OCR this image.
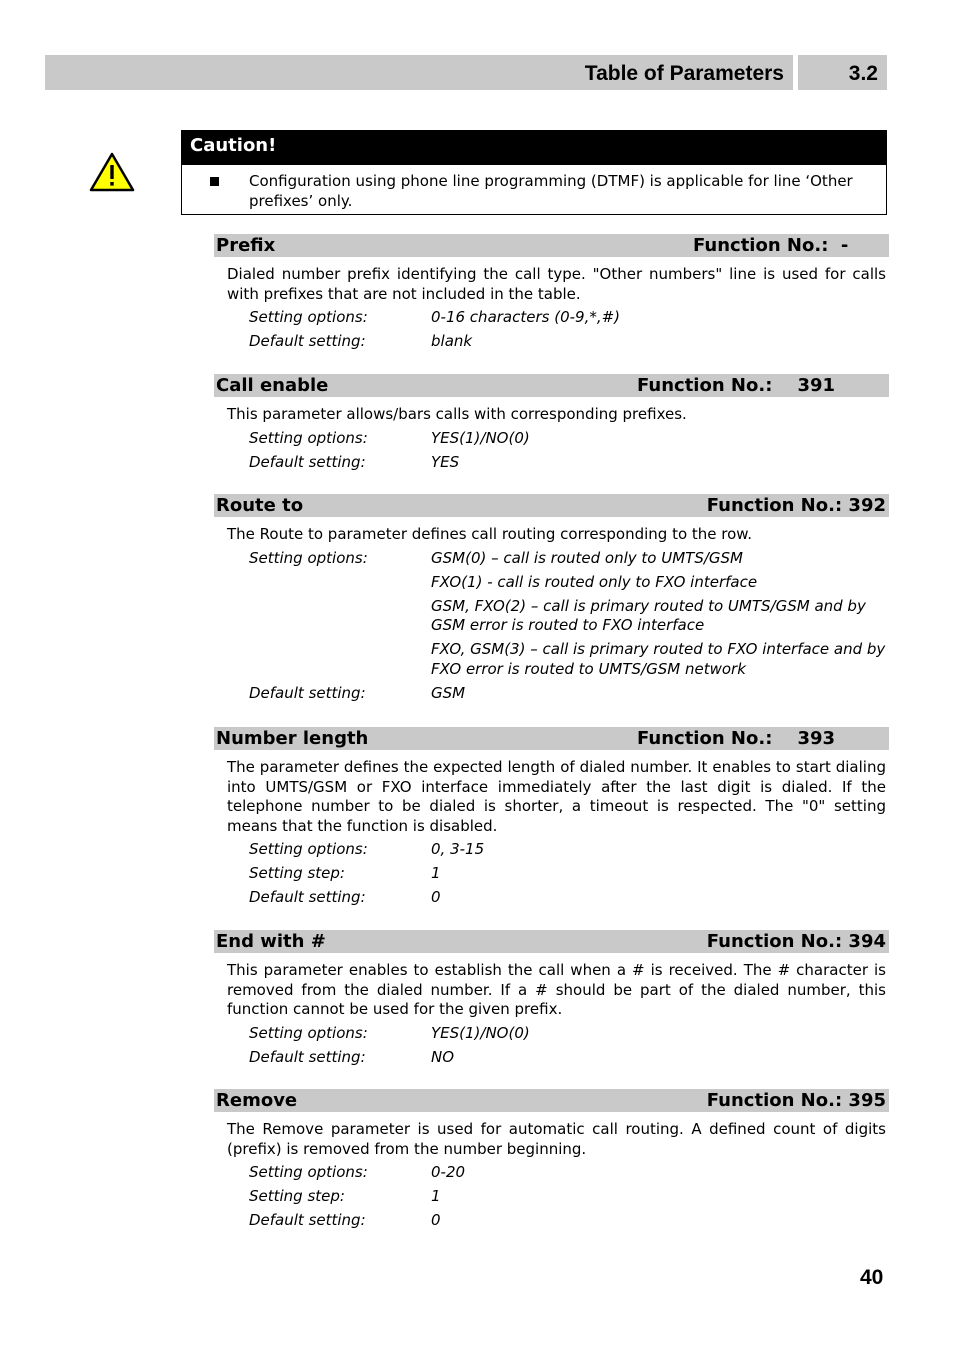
Table of Parameters	3.2
Caution!
Configuration using phone line programming (DTMF) is applicable for line ‘Other prefixes’ only.
Prefix	Function No.:  -
Dialed number prefix identifying the call type. "Other numbers" line is used for calls with prefixes that are not included in the table.
Setting options:	0-16 characters (0-9,*,#)
Default setting:	blank
Call enable	Function No.:    391
This parameter allows/bars calls with corresponding prefixes.
Setting options:	YES(1)/NO(0)
Default setting:	YES
Route to	Function No.: 392
The Route to parameter defines call routing corresponding to the row.
Setting options:	GSM(0) – call is routed only to UMTS/GSM
FXO(1) - call is routed only to FXO interface
GSM, FXO(2) – call is primary routed to UMTS/GSM and by GSM error is routed to FXO interface
FXO, GSM(3) – call is primary routed to FXO interface and by FXO error is routed to UMTS/GSM network
Default setting:	GSM
Number length	Function No.:    393
The parameter defines the expected length of dialed number. It enables to start dialing into UMTS/GSM or FXO interface immediately after the last digit is dialed. If the telephone number to be dialed is shorter, a timeout is respected. The "0" setting means that the function is disabled.
Setting options:	0, 3-15
Setting step:	1
Default setting:	0
End with #	Function No.: 394
This parameter enables to establish the call when a # is received. The # character is removed from the dialed number. If a # should be part of the dialed number, this function cannot be used for the given prefix.
Setting options:	YES(1)/NO(0)
Default setting:	NO
Remove	Function No.: 395
The Remove parameter is used for automatic call routing. A defined count of digits (prefix) is removed from the number beginning.
Setting options:	0-20
Setting step:	1
Default setting:	0
40
